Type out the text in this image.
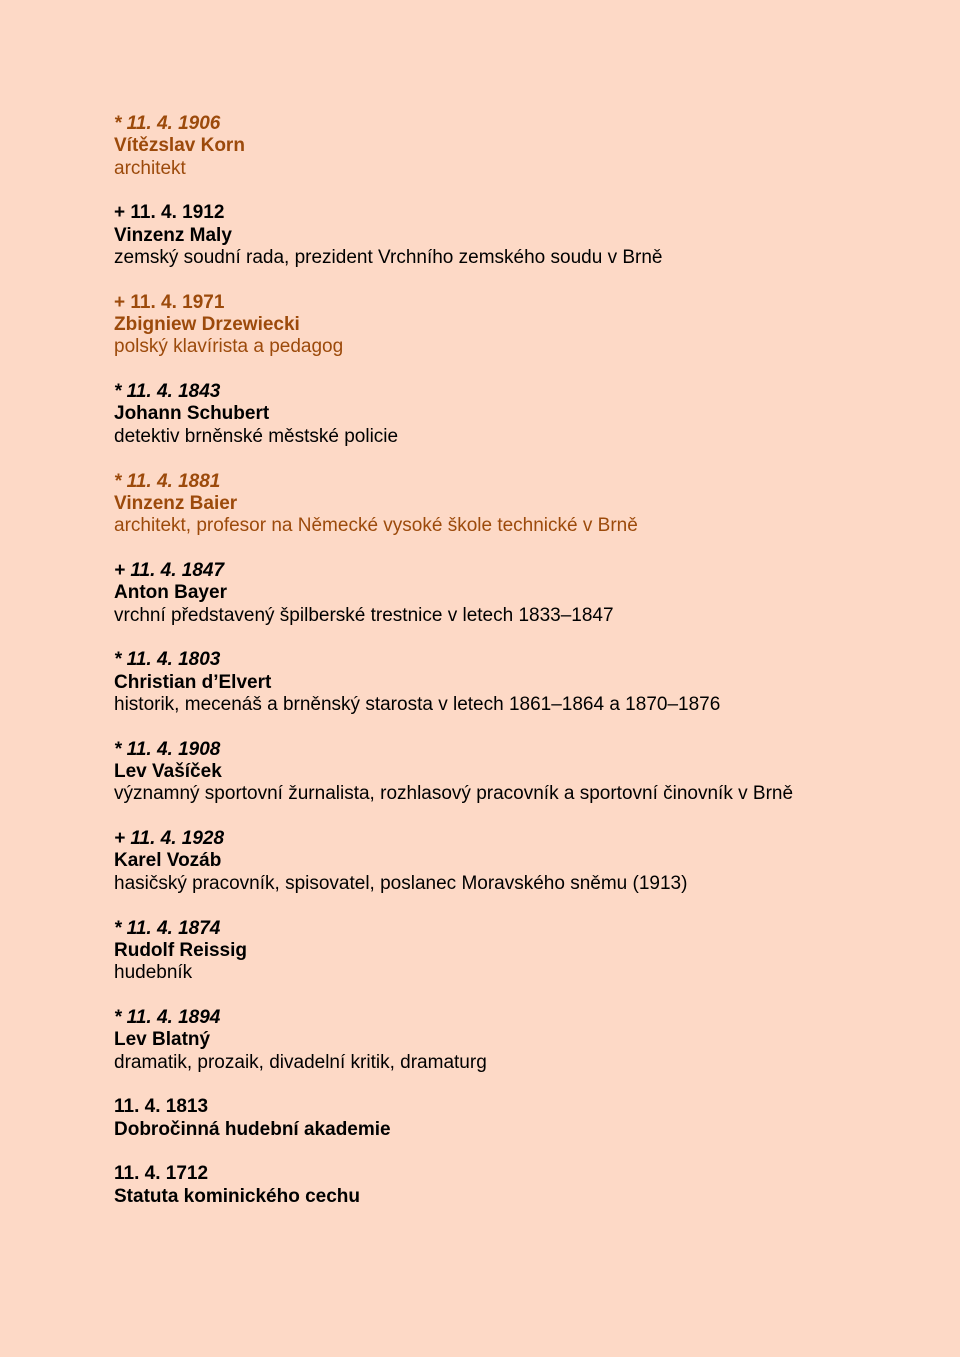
* 11. 4. 1906
Vítězslav Korn
architekt
+ 11. 4. 1912
Vinzenz Maly
zemský soudní rada, prezident Vrchního zemského soudu v Brně
+ 11. 4. 1971
Zbigniew Drzewiecki
polský klavírista a pedagog
* 11. 4. 1843
Johann Schubert
detektiv brněnské městské policie
* 11. 4. 1881
Vinzenz Baier
architekt, profesor na Německé vysoké škole technické v Brně
+ 11. 4. 1847
Anton Bayer
vrchní představený špilberské trestnice v letech 1833–1847
* 11. 4. 1803
Christian d’Elvert
historik, mecenáš a brněnský starosta v letech 1861–1864 a 1870–1876
* 11. 4. 1908
Lev Vašíček
významný sportovní žurnalista, rozhlasový pracovník a sportovní činovník v Brně
+ 11. 4. 1928
Karel Vozáb
hasičský pracovník, spisovatel, poslanec Moravského sněmu (1913)
* 11. 4. 1874
Rudolf Reissig
hudebník
* 11. 4. 1894
Lev Blatný
dramatik, prozaik, divadelní kritik, dramaturg
11. 4. 1813
Dobročinná hudební akademie
11. 4. 1712
Statuta kominického cechu
